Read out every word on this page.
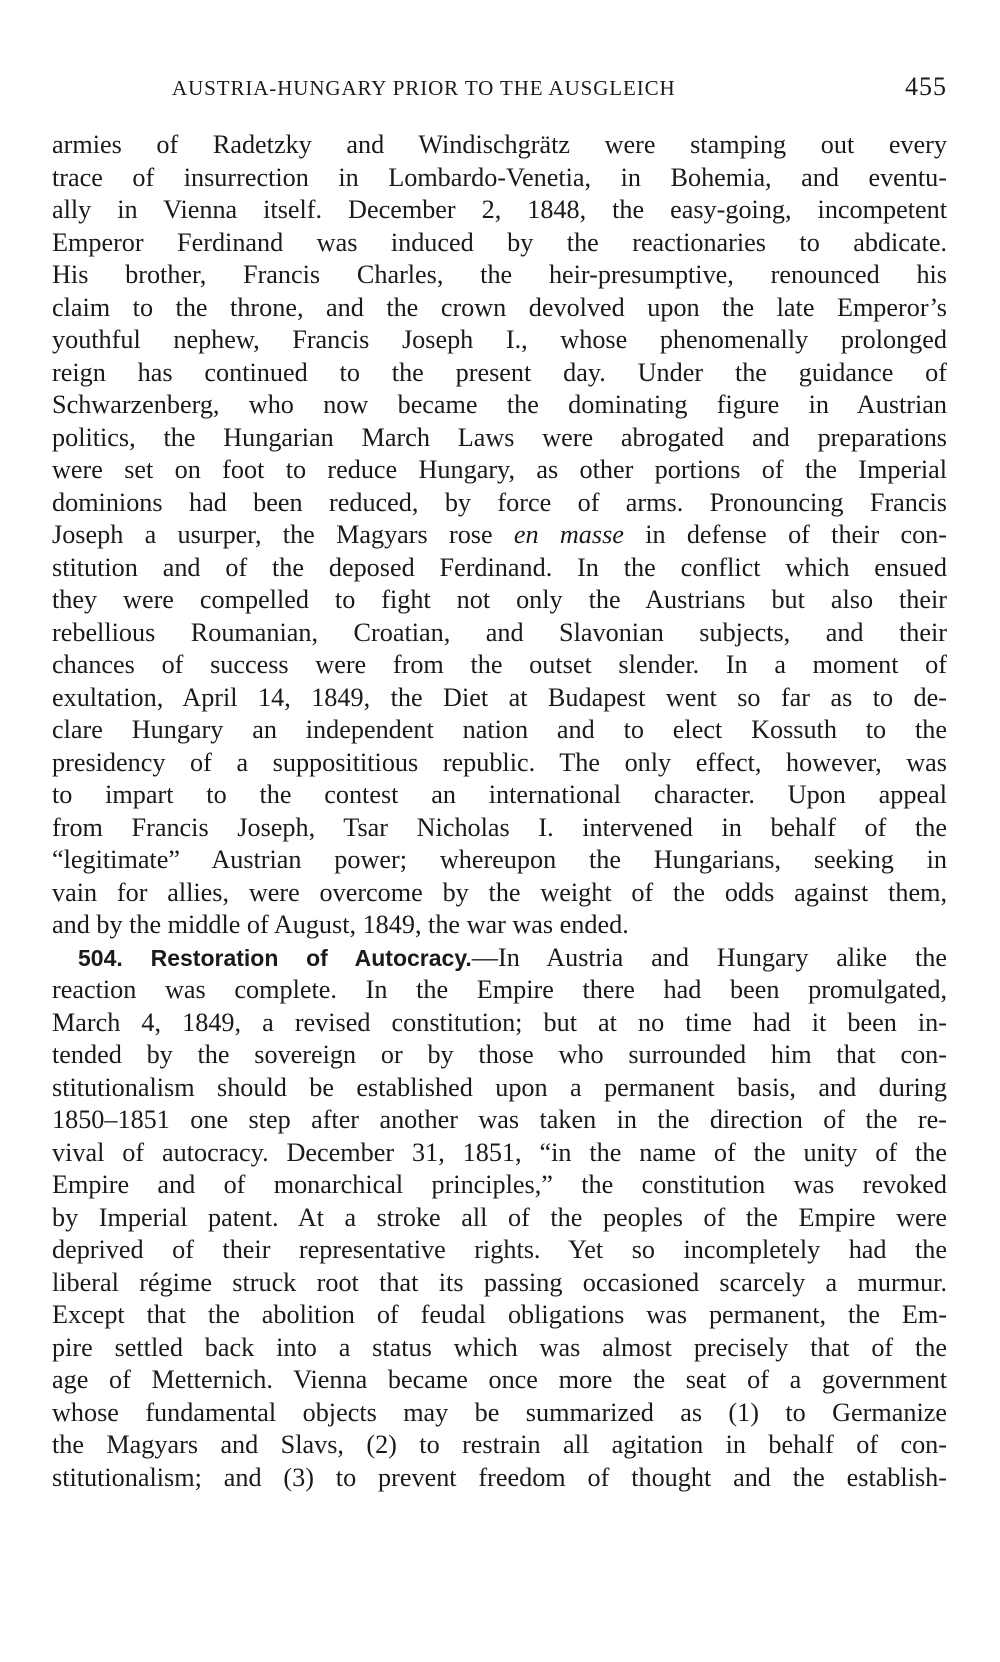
AUSTRIA-HUNGARY PRIOR TO THE AUSGLEICH	455
armies of Radetzky and Windischgrätz were stamping out every
trace of insurrection in Lombardo-Venetia, in Bohemia, and eventu-
ally in Vienna itself. December 2, 1848, the easy-going, incompetent
Emperor Ferdinand was induced by the reactionaries to abdicate.
His brother, Francis Charles, the heir-presumptive, renounced his
claim to the throne, and the crown devolved upon the late Emperor’s
youthful nephew, Francis Joseph I., whose phenomenally prolonged
reign has continued to the present day. Under the guidance of
Schwarzenberg, who now became the dominating figure in Austrian
politics, the Hungarian March Laws were abrogated and preparations
were set on foot to reduce Hungary, as other portions of the Imperial
dominions had been reduced, by force of arms. Pronouncing Francis
Joseph a usurper, the Magyars rose en masse in defense of their con-
stitution and of the deposed Ferdinand. In the conflict which ensued
they were compelled to fight not only the Austrians but also their
rebellious Roumanian, Croatian, and Slavonian subjects, and their
chances of success were from the outset slender. In a moment of
exultation, April 14, 1849, the Diet at Budapest went so far as to de-
clare Hungary an independent nation and to elect Kossuth to the
presidency of a supposititious republic. The only effect, however, was
to impart to the contest an international character. Upon appeal
from Francis Joseph, Tsar Nicholas I. intervened in behalf of the
“legitimate” Austrian power; whereupon the Hungarians, seeking in
vain for allies, were overcome by the weight of the odds against them,
and by the middle of August, 1849, the war was ended.
504. Restoration of Autocracy.—In Austria and Hungary alike the
reaction was complete. In the Empire there had been promulgated,
March 4, 1849, a revised constitution; but at no time had it been in-
tended by the sovereign or by those who surrounded him that con-
stitutionalism should be established upon a permanent basis, and during
1850–1851 one step after another was taken in the direction of the re-
vival of autocracy. December 31, 1851, “in the name of the unity of the
Empire and of monarchical principles,” the constitution was revoked
by Imperial patent. At a stroke all of the peoples of the Empire were
deprived of their representative rights. Yet so incompletely had the
liberal régime struck root that its passing occasioned scarcely a murmur.
Except that the abolition of feudal obligations was permanent, the Em-
pire settled back into a status which was almost precisely that of the
age of Metternich. Vienna became once more the seat of a government
whose fundamental objects may be summarized as (1) to Germanize
the Magyars and Slavs, (2) to restrain all agitation in behalf of con-
stitutionalism; and (3) to prevent freedom of thought and the establish-
